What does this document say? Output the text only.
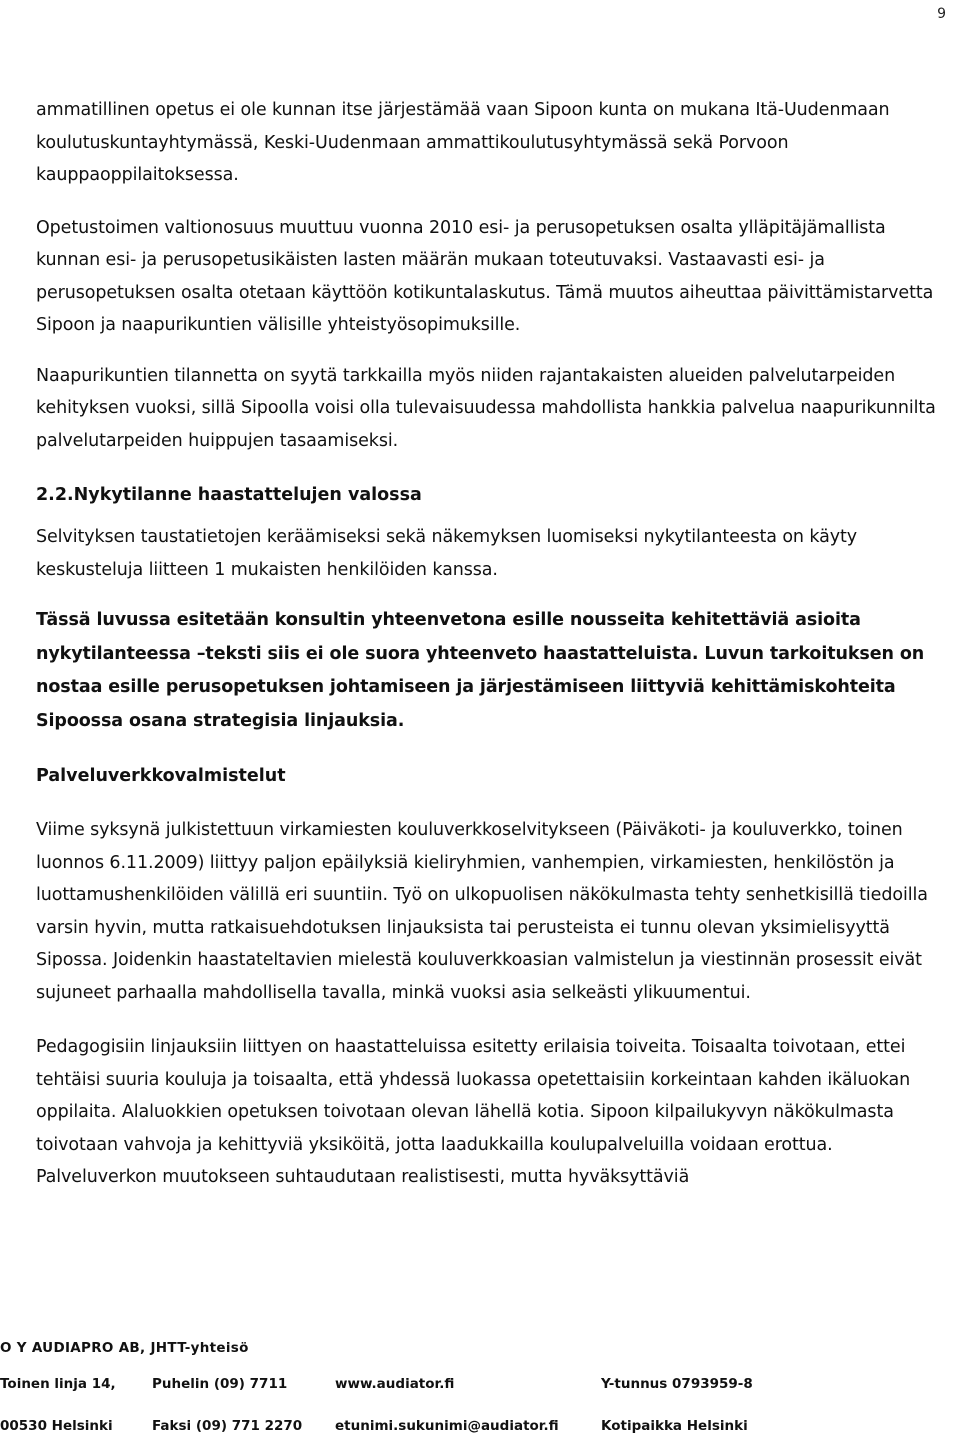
9

ammatillinen opetus ei ole kunnan itse järjestämää vaan Sipoon kunta on mukana Itä-Uudenmaan koulutuskuntayhtymässä, Keski-Uudenmaan ammattikoulutusyhtymässä sekä Porvoon kauppaoppilaitoksessa.

Opetustoimen valtionosuus muuttuu vuonna 2010 esi- ja perusopetuksen osalta ylläpitäjämallista kunnan esi- ja perusopetusikäisten lasten määrän mukaan toteutuvaksi. Vastaavasti esi- ja perusopetuksen osalta otetaan käyttöön kotikuntalaskutus. Tämä muutos aiheuttaa päivittämistarvetta Sipoon ja naapurikuntien välisille yhteistyösopimuksille.

Naapurikuntien tilannetta on syytä tarkkailla myös niiden rajantakaisten alueiden palvelutarpeiden kehityksen vuoksi, sillä Sipoolla voisi olla tulevaisuudessa mahdollista hankkia palvelua naapurikunnilta palvelutarpeiden huippujen tasaamiseksi.

2.2.Nykytilanne haastattelujen valossa

Selvityksen taustatietojen keräämiseksi sekä näkemyksen luomiseksi nykytilanteesta on käyty keskusteluja liitteen 1 mukaisten henkilöiden kanssa.

Tässä luvussa esitetään konsultin yhteenvetona esille nousseita kehitettäviä asioita nykytilanteessa –teksti siis ei ole suora yhteenveto haastatteluista. Luvun tarkoituksen on nostaa esille perusopetuksen johtamiseen ja järjestämiseen liittyviä kehittämiskohteita Sipoossa osana strategisia linjauksia.

Palveluverkkovalmistelut

Viime syksynä julkistettuun virkamiesten kouluverkkoselvitykseen (Päiväkoti- ja kouluverkko, toinen luonnos 6.11.2009) liittyy paljon epäilyksiä kieliryhmien, vanhempien, virkamiesten, henkilöstön ja luottamushenkilöiden välillä eri suuntiin. Työ on ulkopuolisen näkökulmasta tehty senhetkisillä tiedoilla varsin hyvin, mutta ratkaisuehdotuksen linjauksista tai perusteista ei tunnu olevan yksimielisyyttä Sipossa. Joidenkin haastateltavien mielestä kouluverkkoasian valmistelun ja viestinnän prosessit eivät sujuneet parhaalla mahdollisella tavalla, minkä vuoksi asia selkeästi ylikuumentui.

Pedagogisiin linjauksiin liittyen on haastatteluissa esitetty erilaisia toiveita. Toisaalta toivotaan, ettei tehtäisi suuria kouluja ja toisaalta, että yhdessä luokassa opetettaisiin korkeintaan kahden ikäluokan oppilaita. Alaluokkien opetuksen toivotaan olevan lähellä kotia. Sipoon kilpailukyvyn näkökulmasta toivotaan vahvoja ja kehittyviä yksiköitä, jotta laadukkailla koulupalveluilla voidaan erottua. Palveluverkon muutokseen suhtaudutaan realistisesti, mutta hyväksyttäviä

O Y AUDIAPRO AB, JHTT-yhteisö
Toinen linja 14,	Puhelin (09) 7711	www.audiator.fi	Y-tunnus 0793959-8
00530 Helsinki	Faksi (09) 771 2270 etunimi.sukunimi@audiator.fi	Kotipaikka Helsinki
